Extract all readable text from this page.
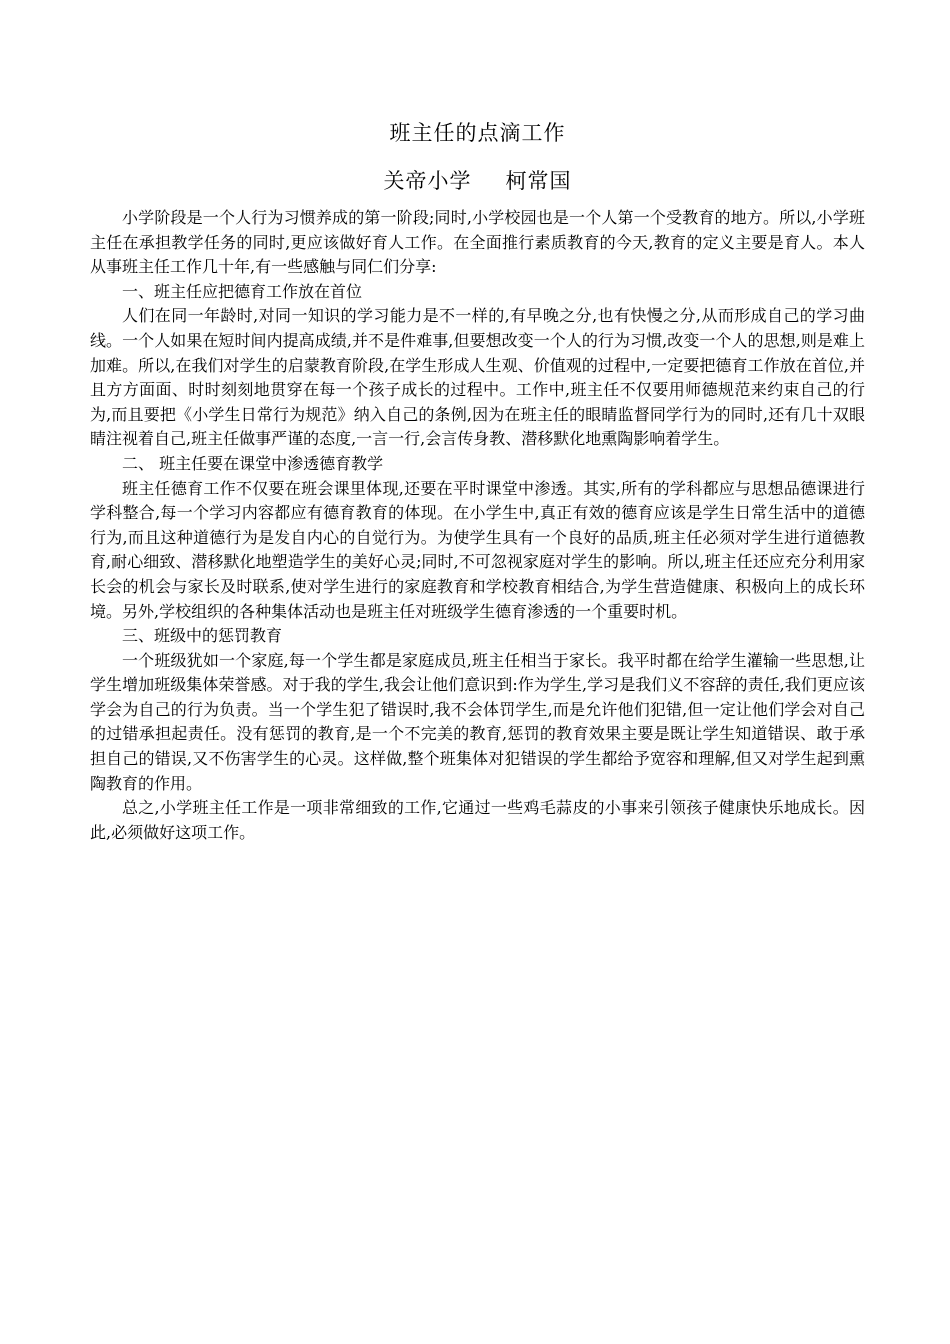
班主任的点滴工作
关帝小学 柯常国

小学阶段是一个人行为习惯养成的第一阶段;同时,小学校园也是一个人第一个受教育的地方。所以,小学班主任在承担教学任务的同时,更应该做好育人工作。在全面推行素质教育的今天,教育的定义主要是育人。本人从事班主任工作几十年,有一些感触与同仁们分享:

一、班主任应把德育工作放在首位

人们在同一年龄时,对同一知识的学习能力是不一样的,有早晚之分,也有快慢之分,从而形成自己的学习曲线。一个人如果在短时间内提高成绩,并不是件难事,但要想改变一个人的行为习惯,改变一个人的思想,则是难上加难。所以,在我们对学生的启蒙教育阶段,在学生形成人生观、价值观的过程中,一定要把德育工作放在首位,并且方方面面、时时刻刻地贯穿在每一个孩子成长的过程中。工作中,班主任不仅要用师德规范来约束自己的行为,而且要把《小学生日常行为规范》纳入自己的条例,因为在班主任的眼睛监督同学行为的同时,还有几十双眼睛注视着自己,班主任做事严谨的态度,一言一行,会言传身教、潜移默化地熏陶影响着学生。

二、 班主任要在课堂中渗透德育教学

班主任德育工作不仅要在班会课里体现,还要在平时课堂中渗透。其实,所有的学科都应与思想品德课进行学科整合,每一个学习内容都应有德育教育的体现。在小学生中,真正有效的德育应该是学生日常生活中的道德行为,而且这种道德行为是发自内心的自觉行为。为使学生具有一个良好的品质,班主任必须对学生进行道德教育,耐心细致、潜移默化地塑造学生的美好心灵;同时,不可忽视家庭对学生的影响。所以,班主任还应充分利用家长会的机会与家长及时联系,使对学生进行的家庭教育和学校教育相结合,为学生营造健康、积极向上的成长环境。另外,学校组织的各种集体活动也是班主任对班级学生德育渗透的一个重要时机。

三、班级中的惩罚教育

一个班级犹如一个家庭,每一个学生都是家庭成员,班主任相当于家长。我平时都在给学生灌输一些思想,让学生增加班级集体荣誉感。对于我的学生,我会让他们意识到:作为学生,学习是我们义不容辞的责任,我们更应该学会为自己的行为负责。当一个学生犯了错误时,我不会体罚学生,而是允许他们犯错,但一定让他们学会对自己的过错承担起责任。没有惩罚的教育,是一个不完美的教育,惩罚的教育效果主要是既让学生知道错误、敢于承担自己的错误,又不伤害学生的心灵。这样做,整个班集体对犯错误的学生都给予宽容和理解,但又对学生起到熏陶教育的作用。

总之,小学班主任工作是一项非常细致的工作,它通过一些鸡毛蒜皮的小事来引领孩子健康快乐地成长。因此,必须做好这项工作。
